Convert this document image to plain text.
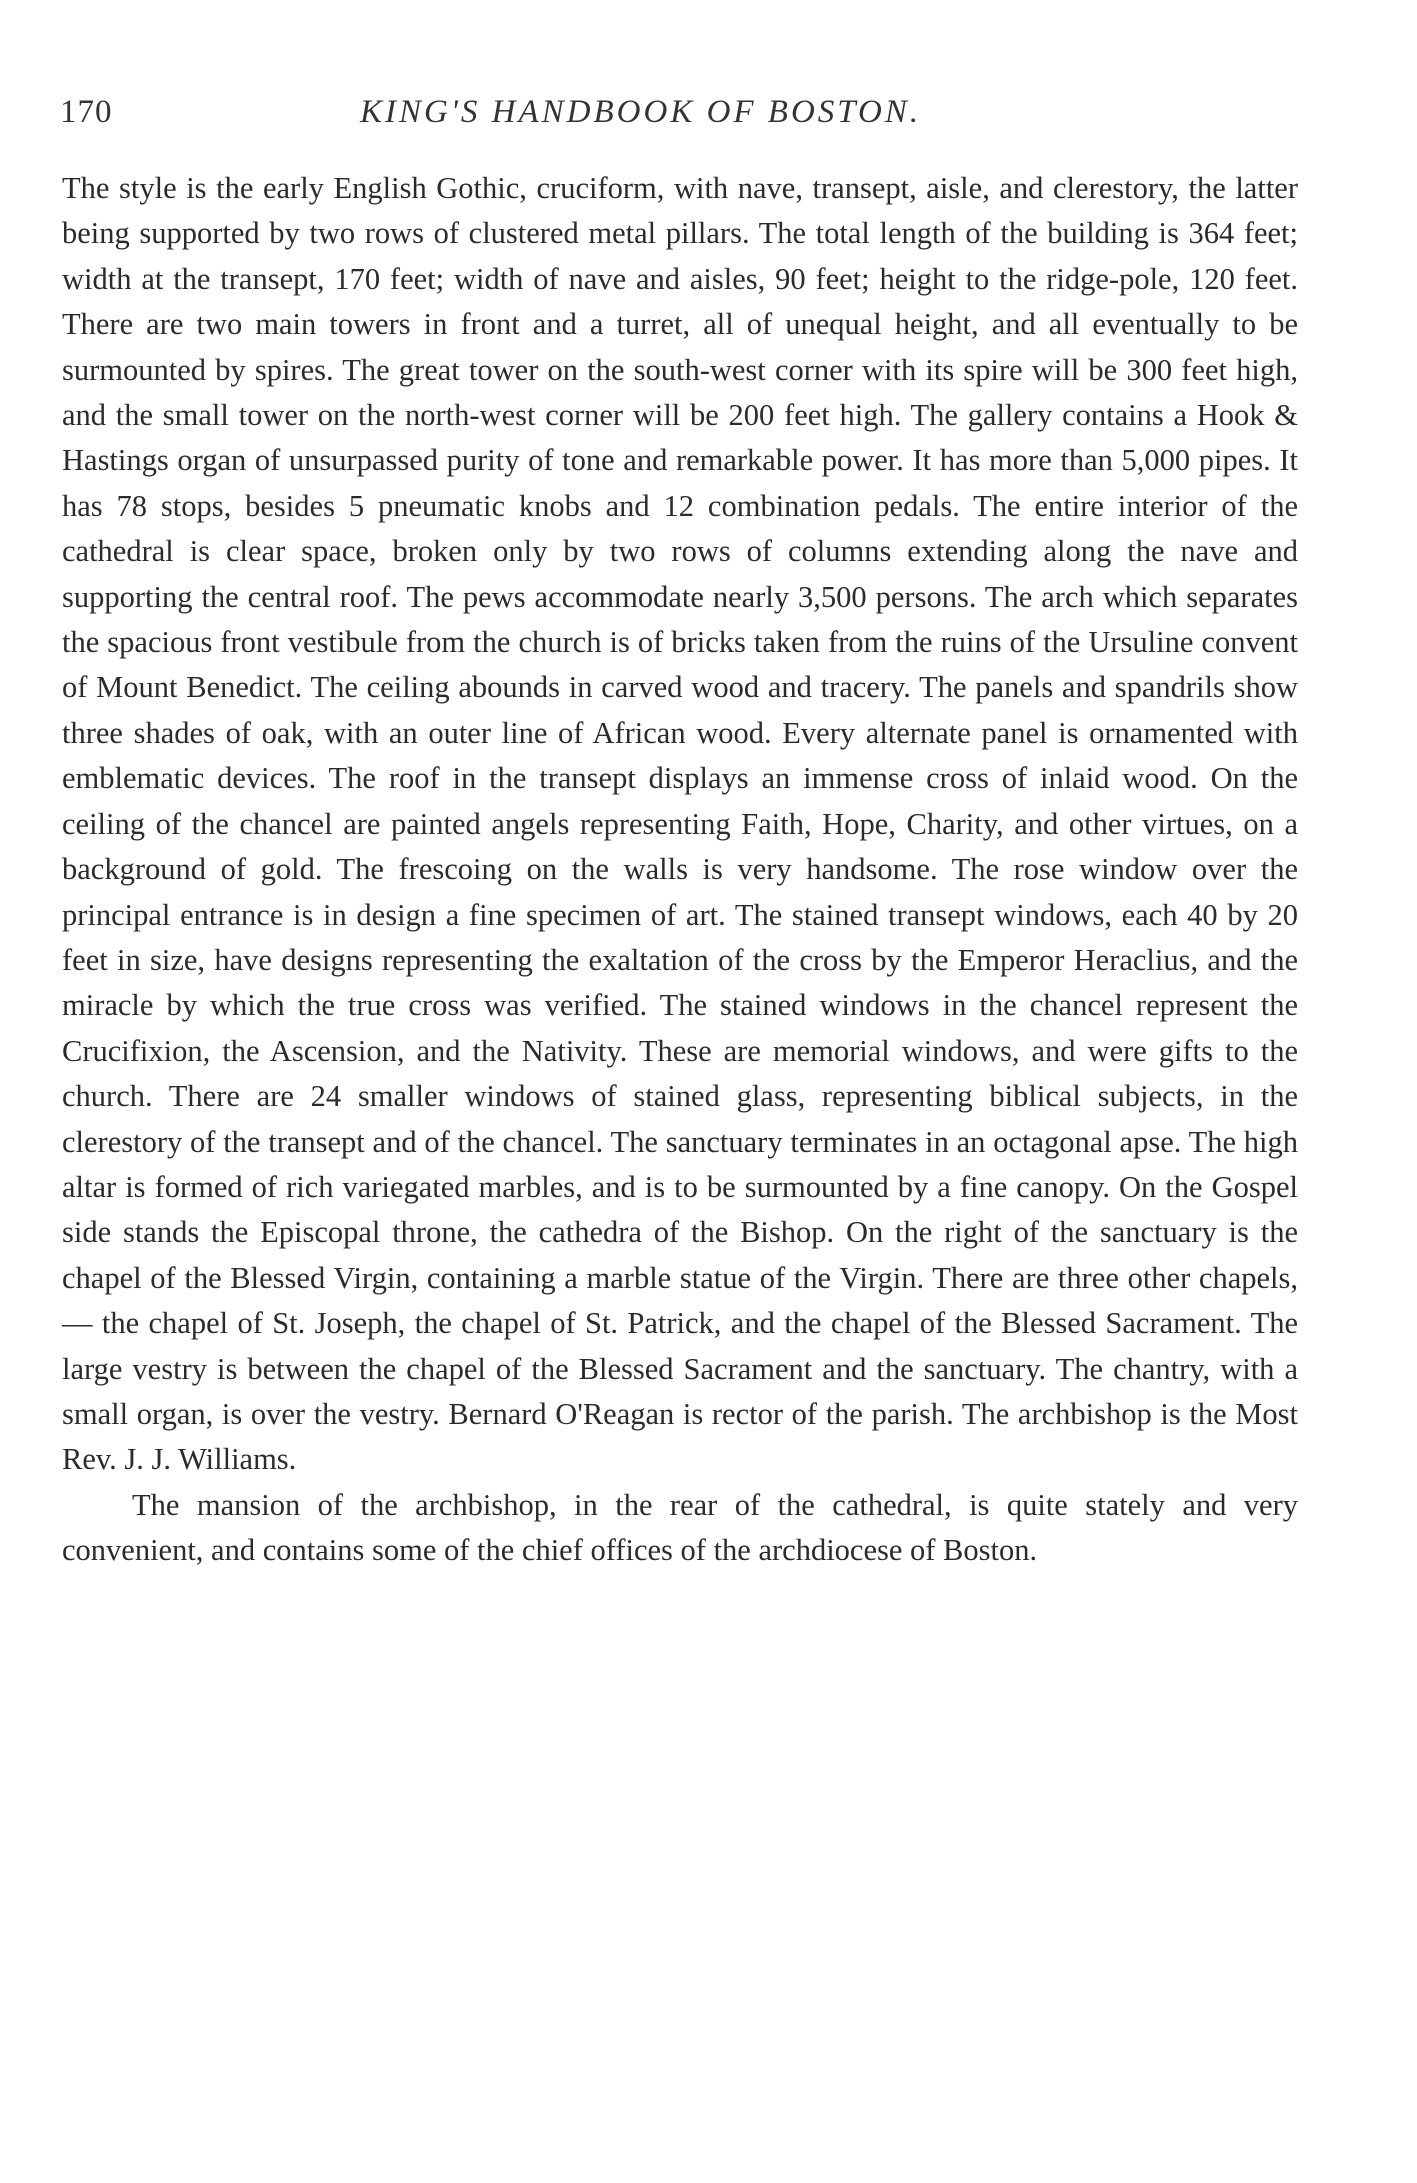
170	KING'S HANDBOOK OF BOSTON.

The style is the early English Gothic, cruciform, with nave, transept, aisle, and clerestory, the latter being supported by two rows of clustered metal pillars. The total length of the building is 364 feet; width at the transept, 170 feet; width of nave and aisles, 90 feet; height to the ridge-pole, 120 feet. There are two main towers in front and a turret, all of unequal height, and all eventually to be surmounted by spires. The great tower on the south-west corner with its spire will be 300 feet high, and the small tower on the north-west corner will be 200 feet high. The gallery contains a Hook & Hastings organ of unsurpassed purity of tone and remarkable power. It has more than 5,000 pipes. It has 78 stops, besides 5 pneumatic knobs and 12 combination pedals. The entire interior of the cathedral is clear space, broken only by two rows of columns extending along the nave and supporting the central roof. The pews accommodate nearly 3,500 persons. The arch which separates the spacious front vestibule from the church is of bricks taken from the ruins of the Ursuline convent of Mount Benedict. The ceiling abounds in carved wood and tracery. The panels and spandrils show three shades of oak, with an outer line of African wood. Every alternate panel is ornamented with emblematic devices. The roof in the transept displays an immense cross of inlaid wood. On the ceiling of the chancel are painted angels representing Faith, Hope, Charity, and other virtues, on a background of gold. The frescoing on the walls is very handsome. The rose window over the principal entrance is in design a fine specimen of art. The stained transept windows, each 40 by 20 feet in size, have designs representing the exaltation of the cross by the Emperor Heraclius, and the miracle by which the true cross was verified. The stained windows in the chancel represent the Crucifixion, the Ascension, and the Nativity. These are memorial windows, and were gifts to the church. There are 24 smaller windows of stained glass, representing biblical subjects, in the clerestory of the transept and of the chancel. The sanctuary terminates in an octagonal apse. The high altar is formed of rich variegated marbles, and is to be surmounted by a fine canopy. On the Gospel side stands the Episcopal throne, the cathedra of the Bishop. On the right of the sanctuary is the chapel of the Blessed Virgin, containing a marble statue of the Virgin. There are three other chapels, — the chapel of St. Joseph, the chapel of St. Patrick, and the chapel of the Blessed Sacrament. The large vestry is between the chapel of the Blessed Sacrament and the sanctuary. The chantry, with a small organ, is over the vestry. Bernard O'Reagan is rector of the parish. The archbishop is the Most Rev. J. J. Williams.

The mansion of the archbishop, in the rear of the cathedral, is quite stately and very convenient, and contains some of the chief offices of the archdiocese of Boston.
